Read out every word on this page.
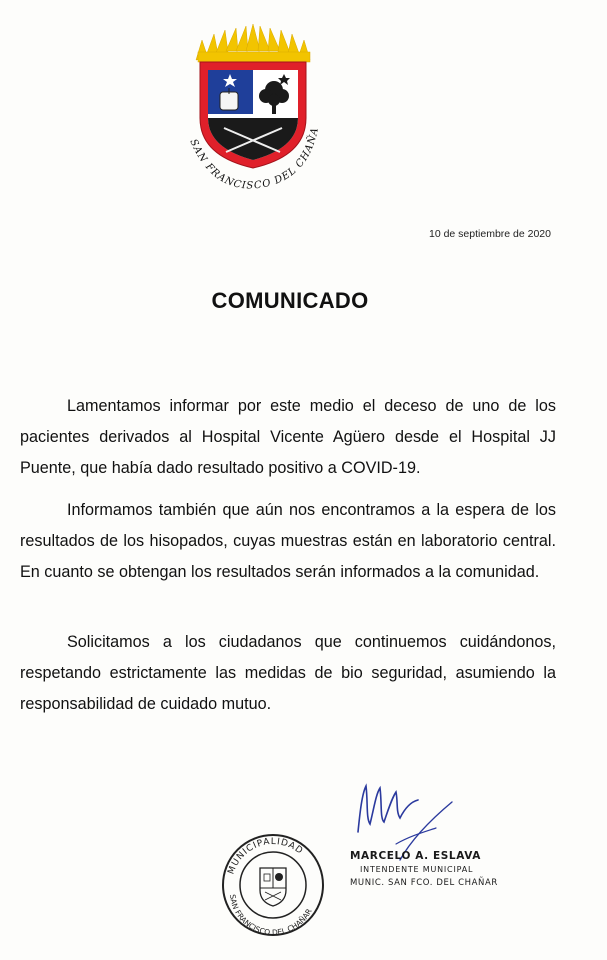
SAN FRANCISCO DEL CHAÑA
10 de septiembre de 2020
COMUNICADO

Lamentamos informar por este medio el deceso de uno de los pacientes derivados al Hospital Vicente Agüero desde el Hospital JJ Puente, que había dado resultado positivo a COVID-19.

Informamos también que aún nos encontramos a la espera de los resultados de los hisopados, cuyas muestras están en laboratorio central. En cuanto se obtengan los resultados serán informados a la comunidad.

Solicitamos a los ciudadanos que continuemos cuidándonos, respetando estrictamente las medidas de bio seguridad, asumiendo la responsabilidad de cuidado mutuo.

MUNICIPALIDAD
SAN FRANCISCO DEL CHAÑAR
MARCELO A. ESLAVA
INTENDENTE MUNICIPAL
MUNIC. SAN FCO. DEL CHAÑAR
